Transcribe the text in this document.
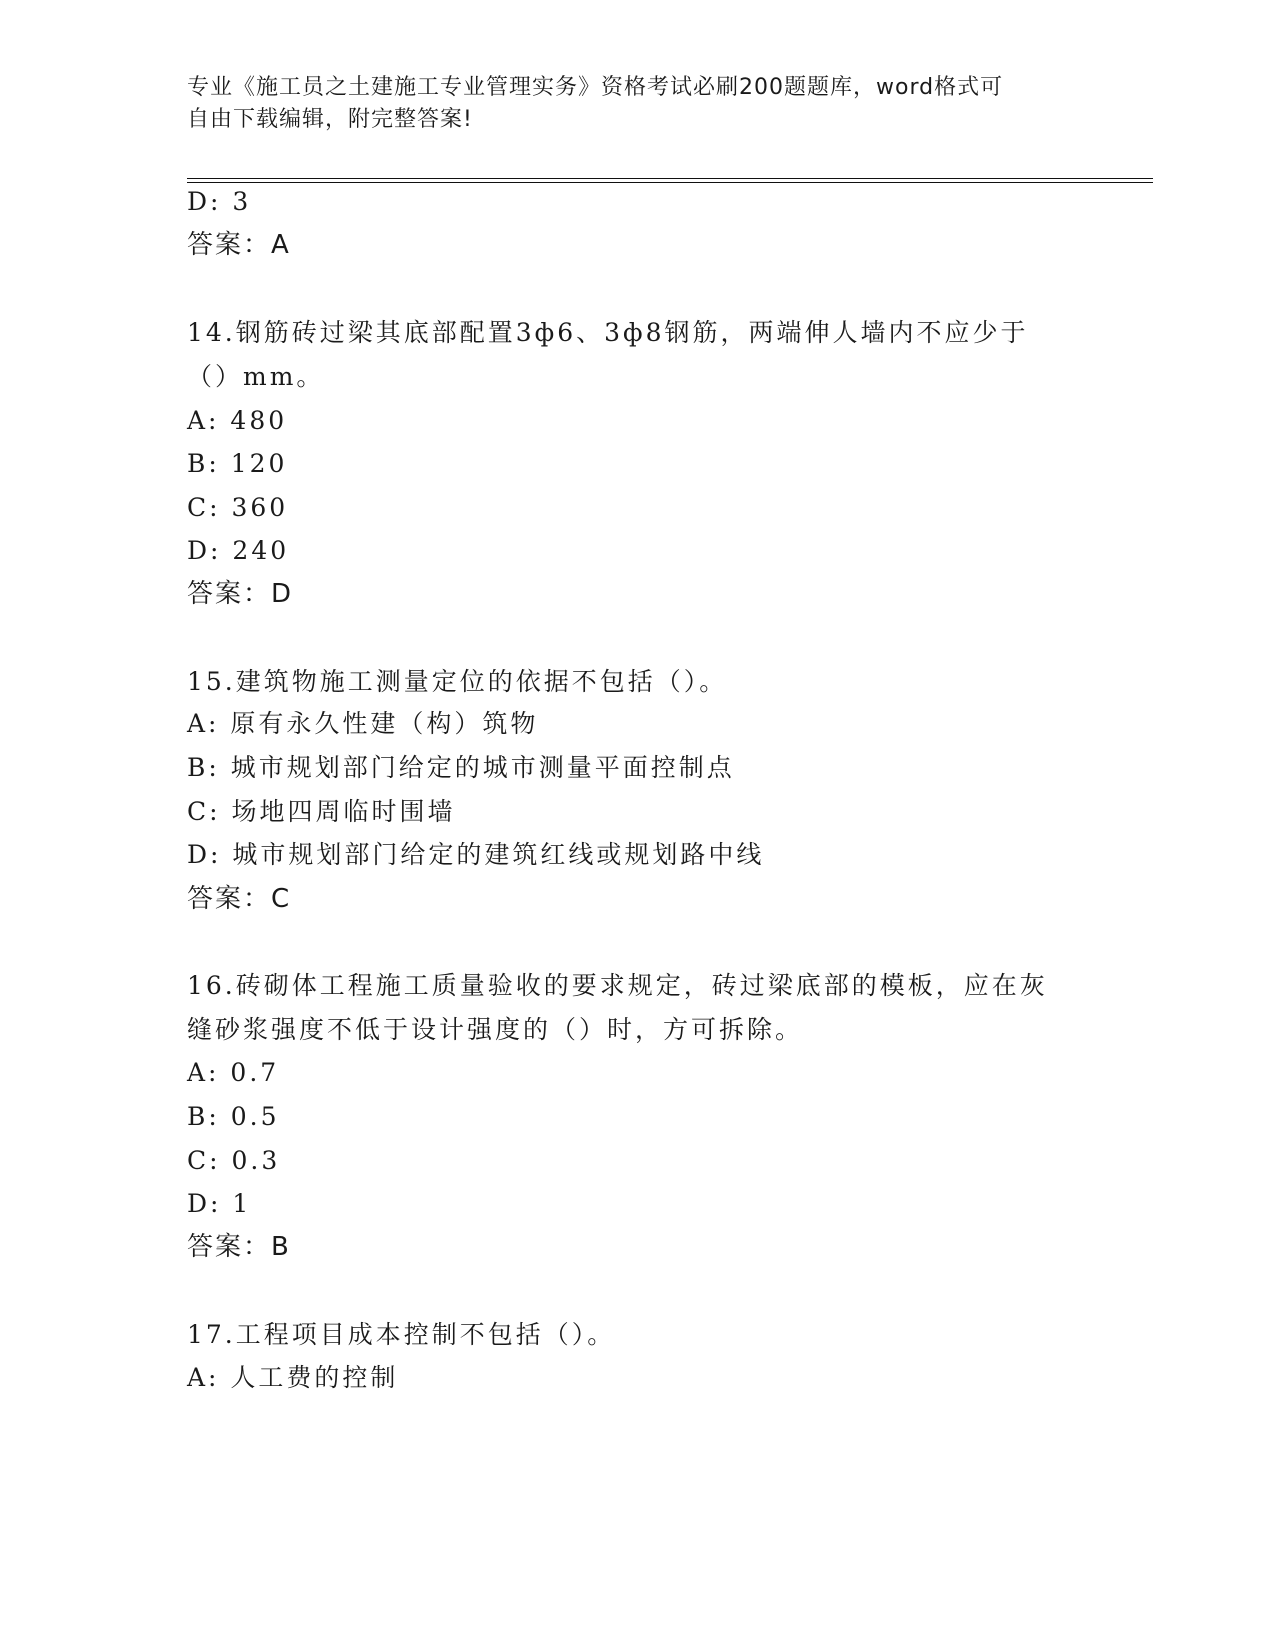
专业《施工员之土建施工专业管理实务》资格考试必刷200题题库，word格式可
自由下载编辑，附完整答案!
D: 3
答案：A
14.钢筋砖过梁其底部配置3ф6、3ф8钢筋，两端伸人墙内不应少于
（）mm。
A: 480
B: 120
C: 360
D: 240
答案：D
15.建筑物施工测量定位的依据不包括（）。
A: 原有永久性建（构）筑物
B: 城市规划部门给定的城市测量平面控制点
C: 场地四周临时围墙
D: 城市规划部门给定的建筑红线或规划路中线
答案：C
16.砖砌体工程施工质量验收的要求规定，砖过梁底部的模板，应在灰
缝砂浆强度不低于设计强度的（）时，方可拆除。
A: 0.7
B: 0.5
C: 0.3
D: 1
答案：B
17.工程项目成本控制不包括（）。
A: 人工费的控制
